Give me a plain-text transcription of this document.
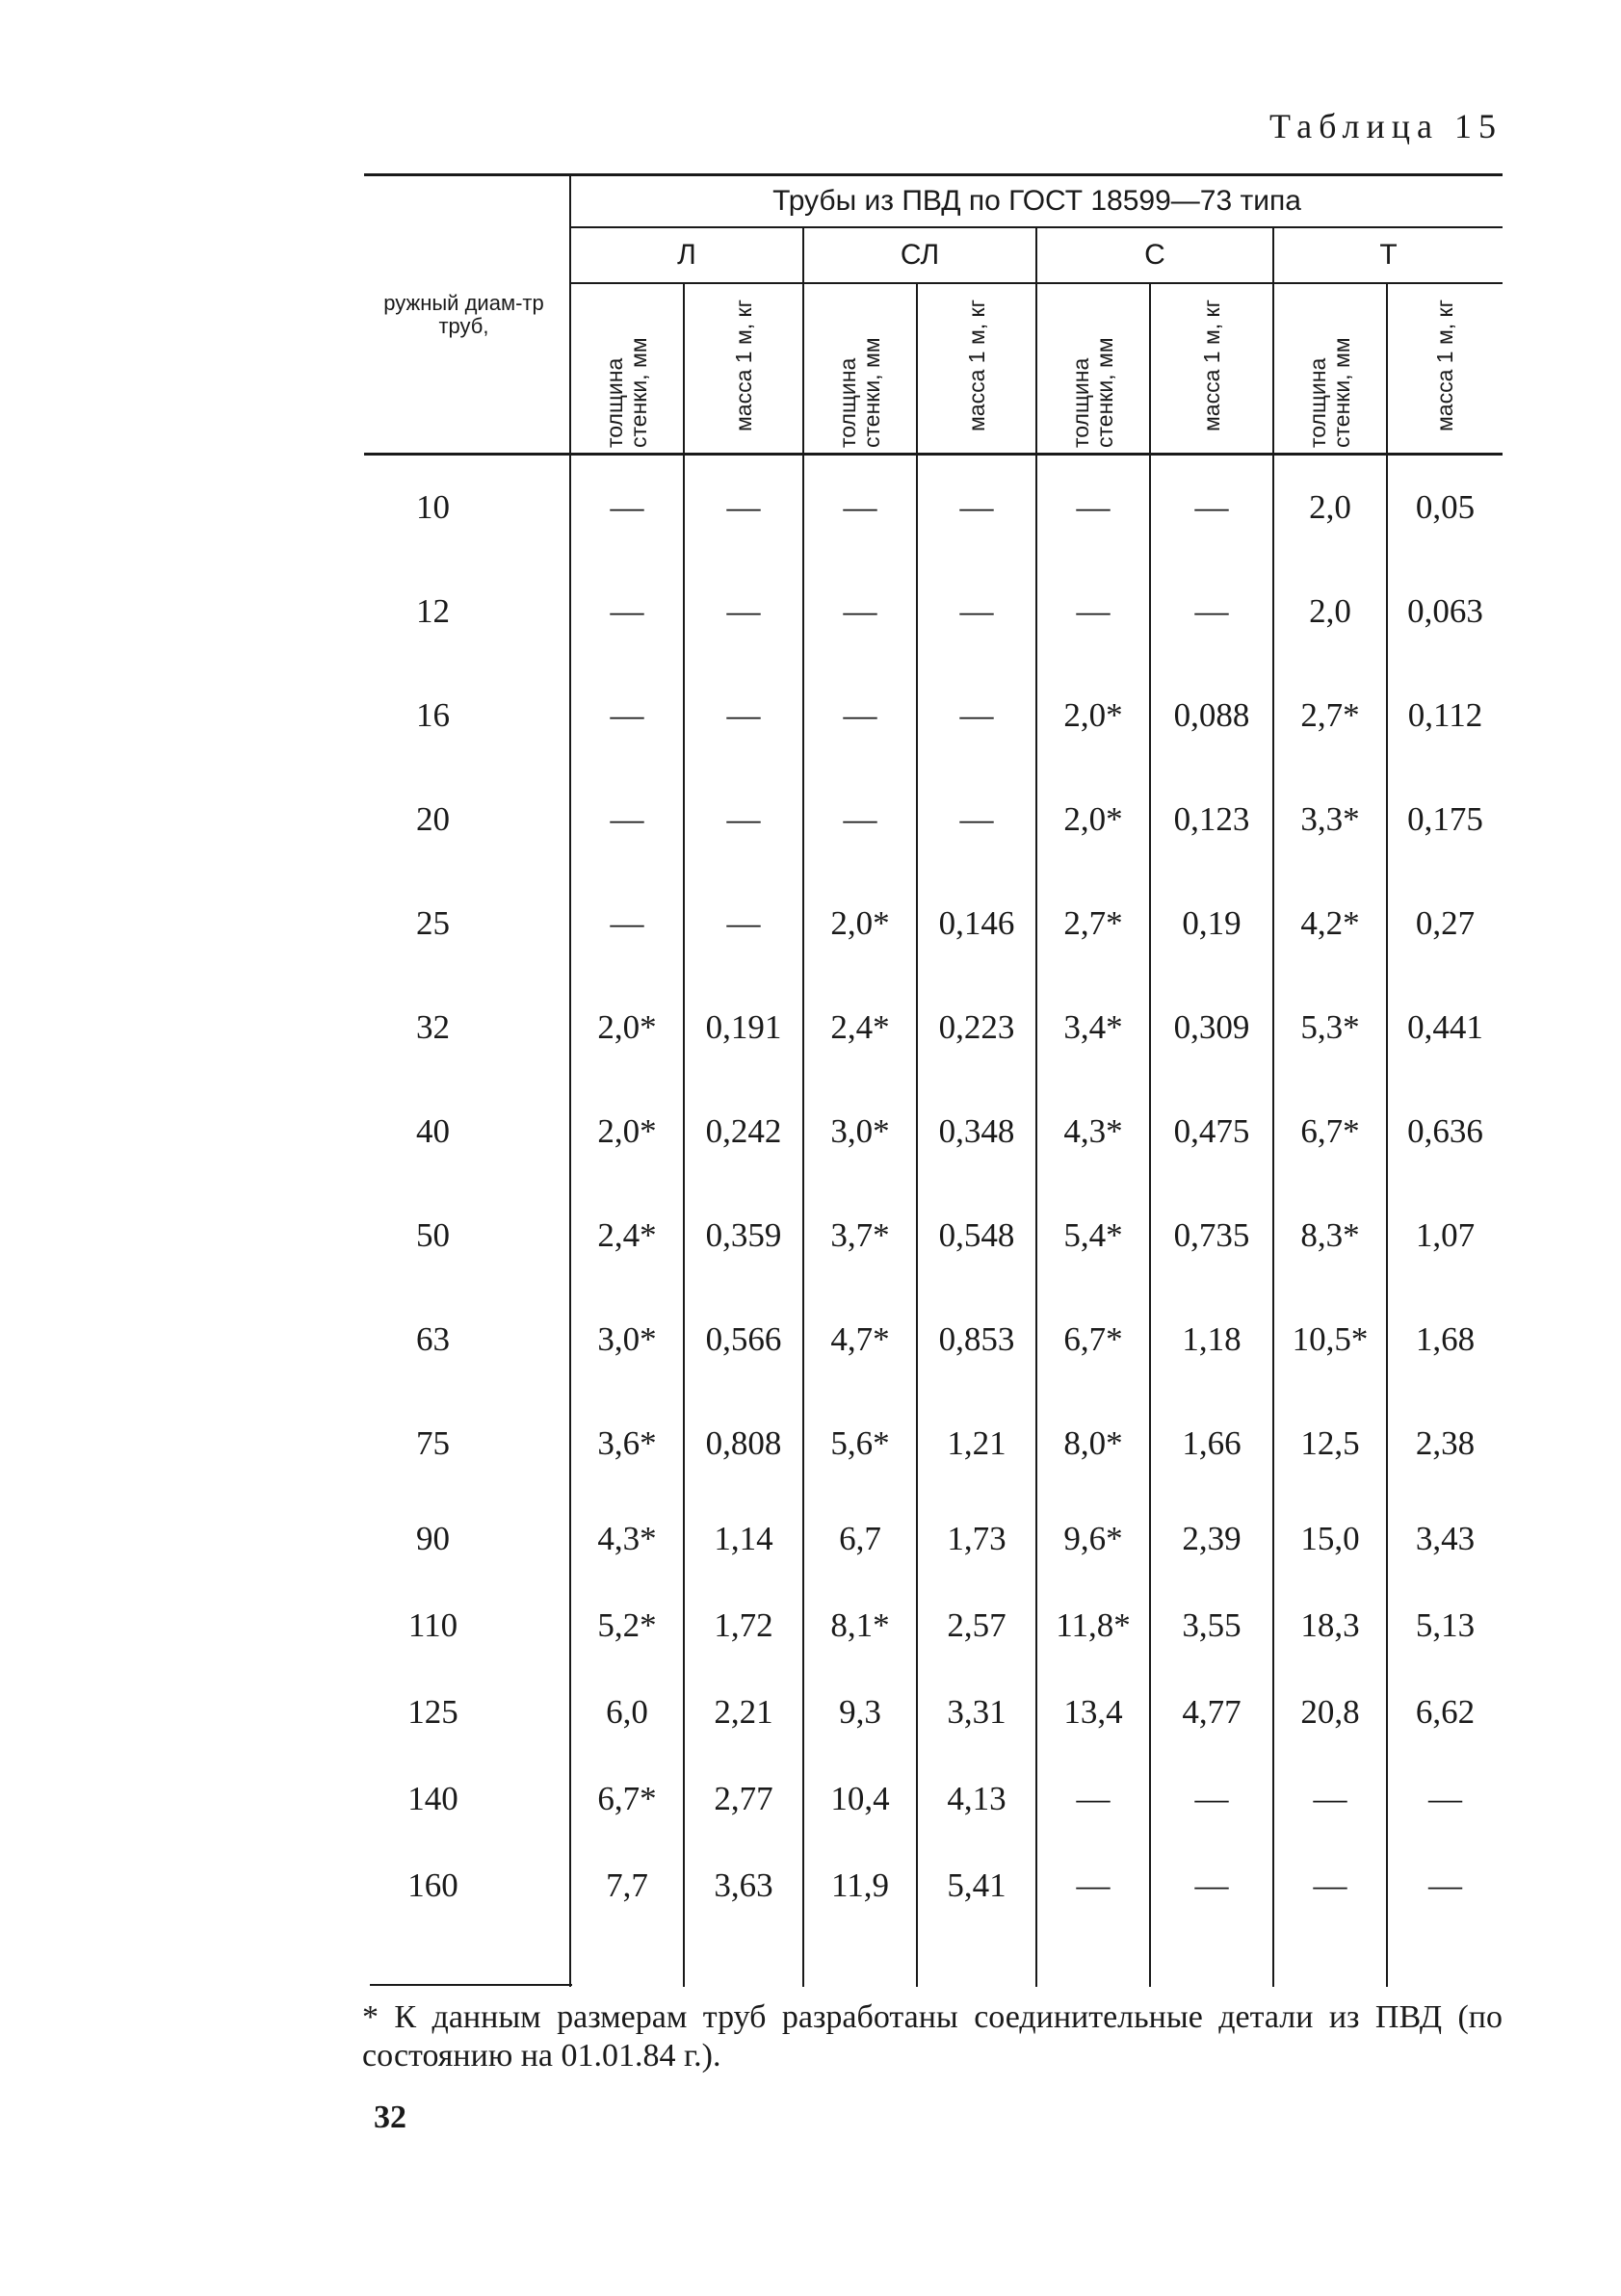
Таблица 15
ружный диам-тр труб,	Трубы из ПВД по ГОСТ 18599—73 типа							
	Л		СЛ		С		Т	
	толщина стенки, мм	масса 1 м, кг	толщина стенки, мм	масса 1 м, кг	толщина стенки, мм	масса 1 м, кг	толщина стенки, мм	масса 1 м, кг
10	—	—	—	—	—	—	2,0	0,05
12	—	—	—	—	—	—	2,0	0,063
16	—	—	—	—	2,0*	0,088	2,7*	0,112
20	—	—	—	—	2,0*	0,123	3,3*	0,175
25	—	—	2,0*	0,146	2,7*	0,19	4,2*	0,27
32	2,0*	0,191	2,4*	0,223	3,4*	0,309	5,3*	0,441
40	2,0*	0,242	3,0*	0,348	4,3*	0,475	6,7*	0,636
50	2,4*	0,359	3,7*	0,548	5,4*	0,735	8,3*	1,07
63	3,0*	0,566	4,7*	0,853	6,7*	1,18	10,5*	1,68
75	3,6*	0,808	5,6*	1,21	8,0*	1,66	12,5	2,38
90	4,3*	1,14	6,7	1,73	9,6*	2,39	15,0	3,43
110	5,2*	1,72	8,1*	2,57	11,8*	3,55	18,3	5,13
125	6,0	2,21	9,3	3,31	13,4	4,77	20,8	6,62
140	6,7*	2,77	10,4	4,13	—	—	—	—
160	7,7	3,63	11,9	5,41	—	—	—	—

* К данным размерам труб разработаны соединительные детали из ПВД (по состоянию на 01.01.84 г.).
32
